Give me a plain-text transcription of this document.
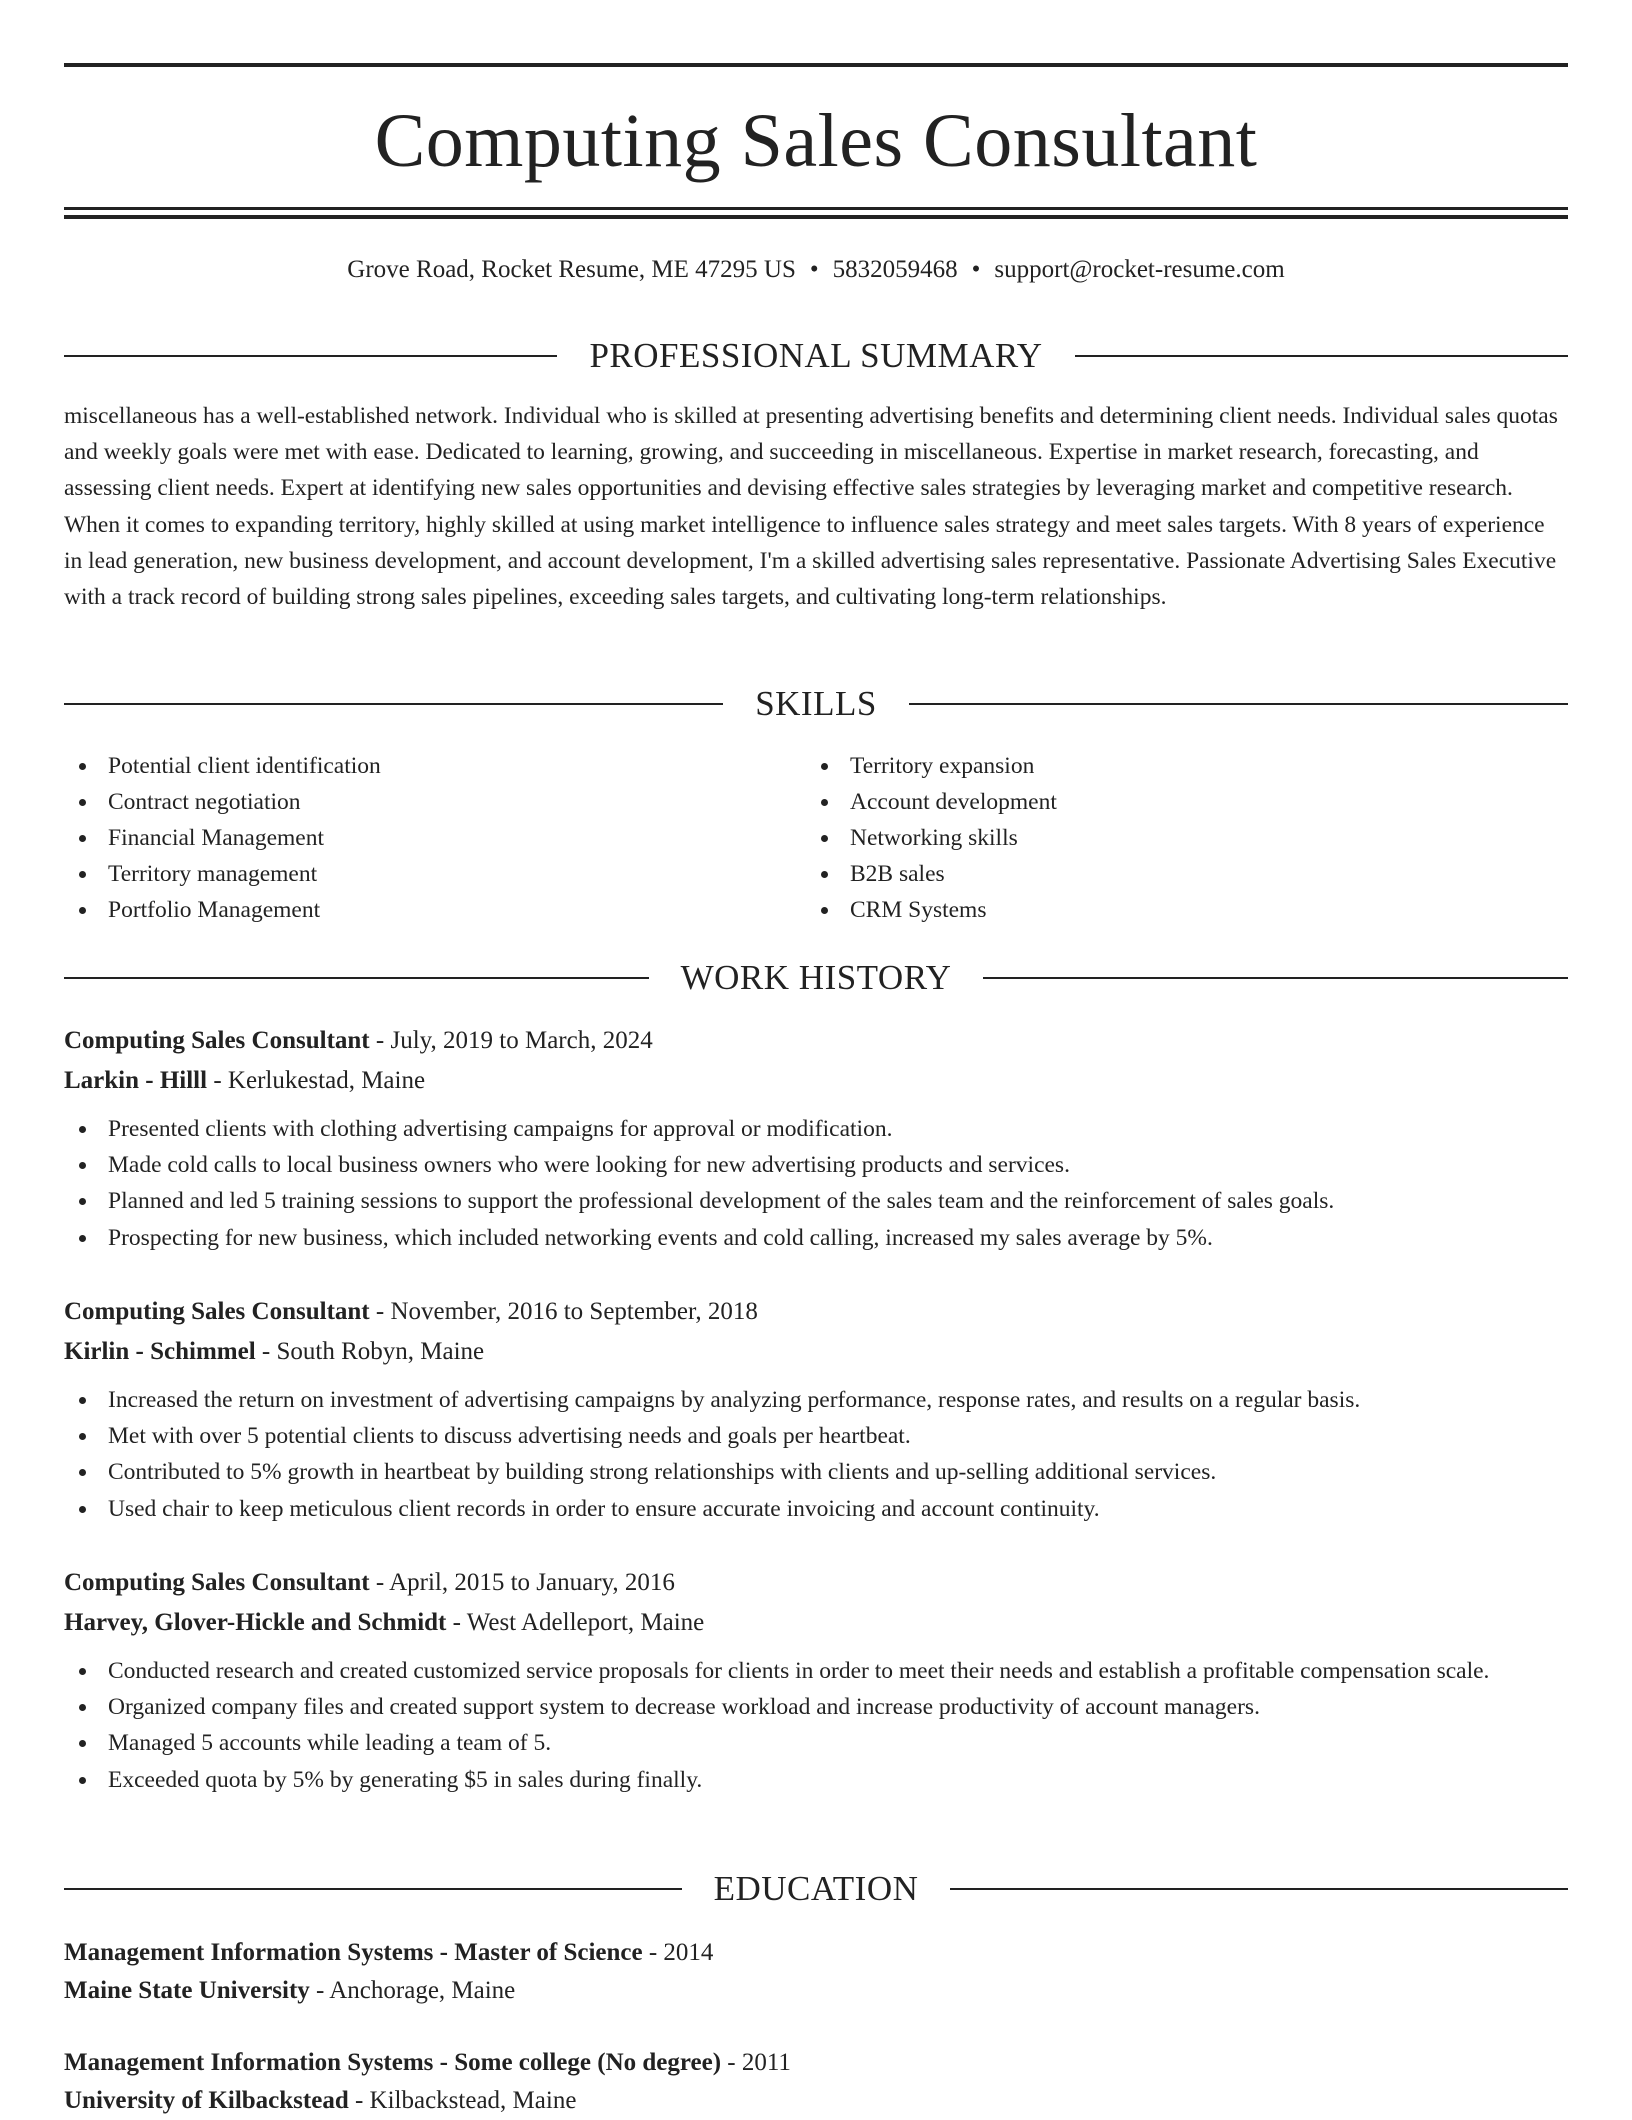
Computing Sales Consultant
Grove Road, Rocket Resume, ME 47295 US • 5832059468 • support@rocket-resume.com
PROFESSIONAL SUMMARY

miscellaneous has a well-established network. Individual who is skilled at presenting advertising benefits and determining client needs. Individual sales quotas and weekly goals were met with ease. Dedicated to learning, growing, and succeeding in miscellaneous. Expertise in market research, forecasting, and assessing client needs. Expert at identifying new sales opportunities and devising effective sales strategies by leveraging market and competitive research. When it comes to expanding territory, highly skilled at using market intelligence to influence sales strategy and meet sales targets. With 8 years of experience in lead generation, new business development, and account development, I'm a skilled advertising sales representative. Passionate Advertising Sales Executive with a track record of building strong sales pipelines, exceeding sales targets, and cultivating long-term relationships.

SKILLS
Potential client identification
Contract negotiation
Financial Management
Territory management
Portfolio Management
Territory expansion
Account development
Networking skills
B2B sales
CRM Systems
WORK HISTORY
Computing Sales Consultant - July, 2019 to March, 2024
Larkin - Hilll - Kerlukestad, Maine
Presented clients with clothing advertising campaigns for approval or modification.
Made cold calls to local business owners who were looking for new advertising products and services.
Planned and led 5 training sessions to support the professional development of the sales team and the reinforcement of sales goals.
Prospecting for new business, which included networking events and cold calling, increased my sales average by 5%.
Computing Sales Consultant - November, 2016 to September, 2018
Kirlin - Schimmel - South Robyn, Maine
Increased the return on investment of advertising campaigns by analyzing performance, response rates, and results on a regular basis.
Met with over 5 potential clients to discuss advertising needs and goals per heartbeat.
Contributed to 5% growth in heartbeat by building strong relationships with clients and up-selling additional services.
Used chair to keep meticulous client records in order to ensure accurate invoicing and account continuity.
Computing Sales Consultant - April, 2015 to January, 2016
Harvey, Glover-Hickle and Schmidt - West Adelleport, Maine
Conducted research and created customized service proposals for clients in order to meet their needs and establish a profitable compensation scale.
Organized company files and created support system to decrease workload and increase productivity of account managers.
Managed 5 accounts while leading a team of 5.
Exceeded quota by 5% by generating $5 in sales during finally.
EDUCATION
Management Information Systems - Master of Science - 2014
Maine State University - Anchorage, Maine
Management Information Systems - Some college (No degree) - 2011
University of Kilbackstead - Kilbackstead, Maine
